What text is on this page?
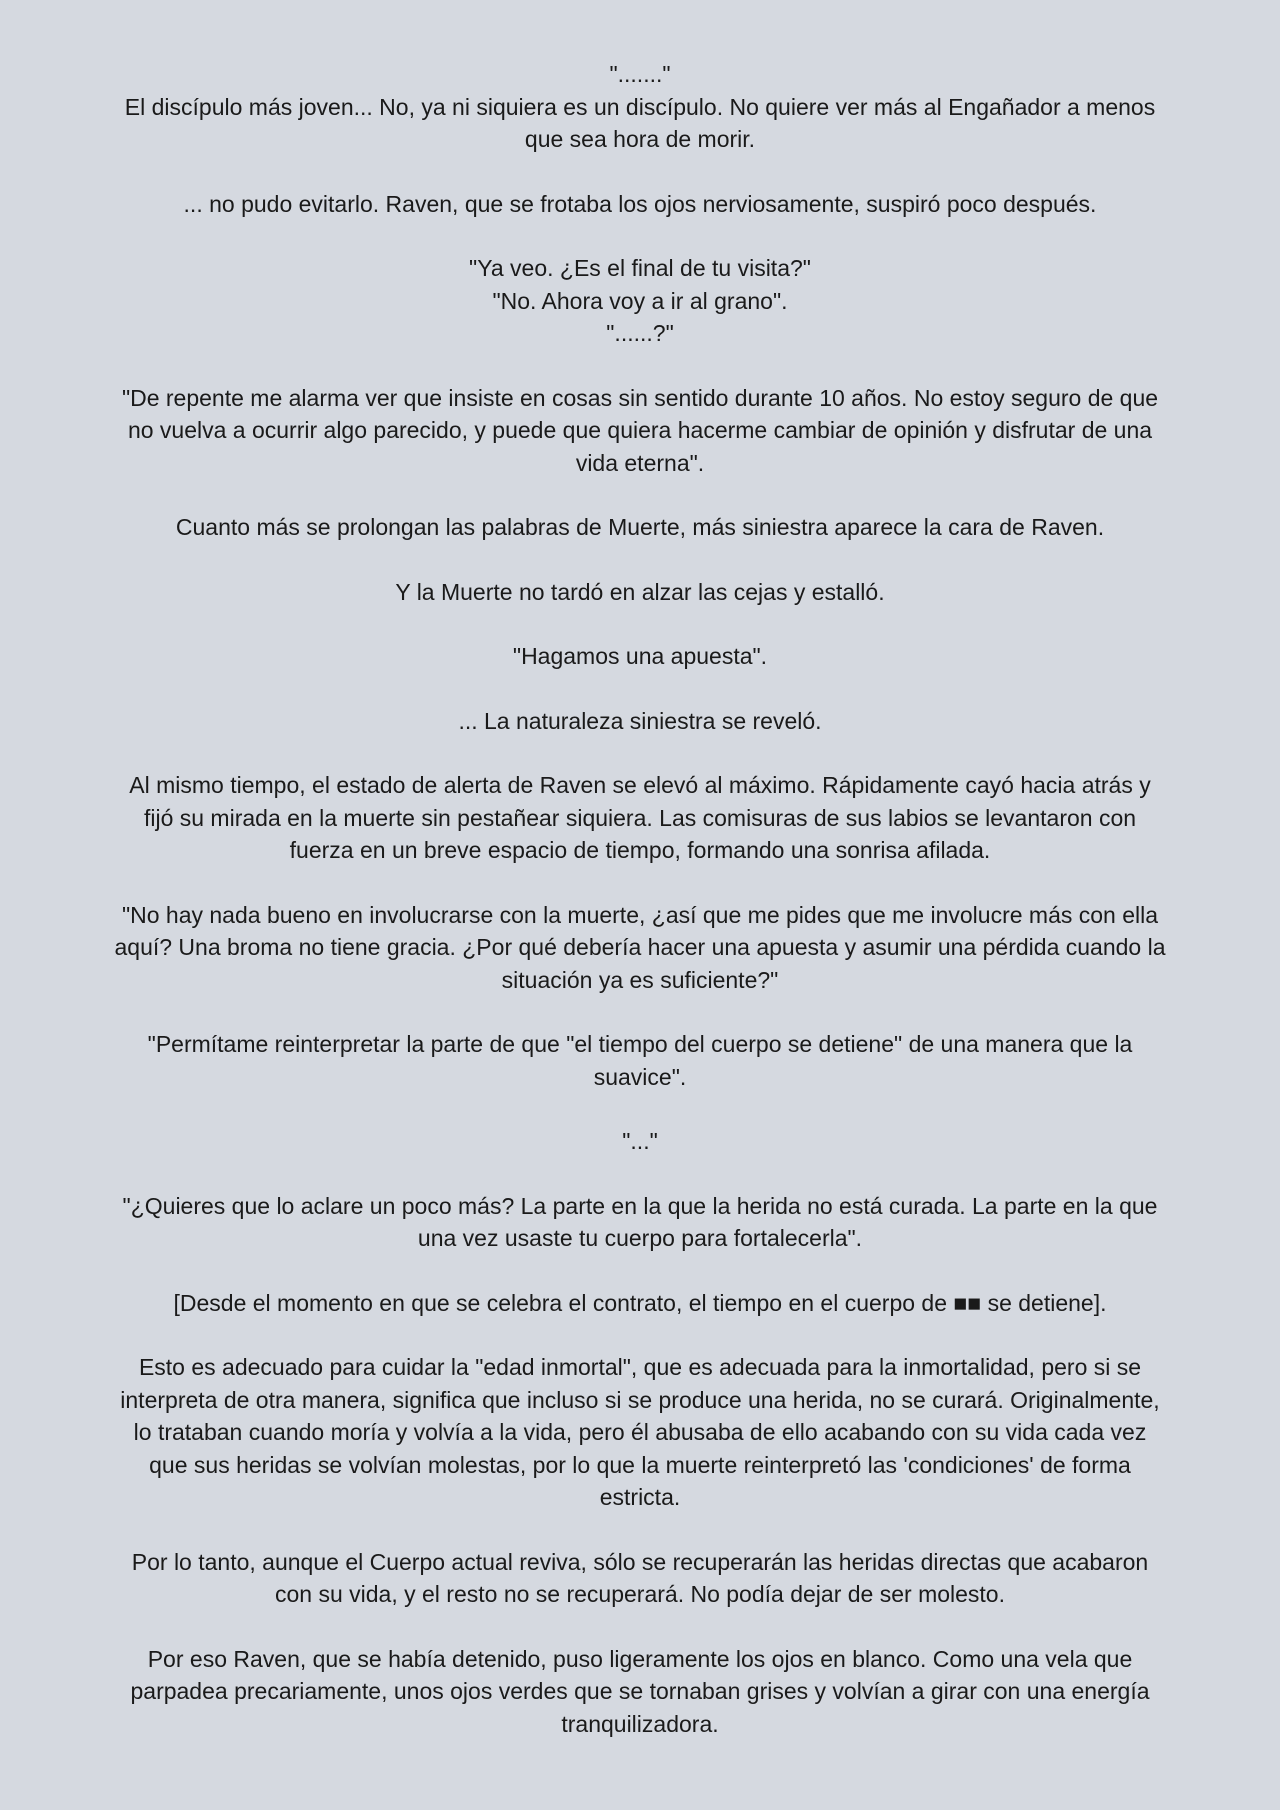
"......."
El discípulo más joven... No, ya ni siquiera es un discípulo. No quiere ver más al Engañador a menos
que sea hora de morir.

... no pudo evitarlo. Raven, que se frotaba los ojos nerviosamente, suspiró poco después.

"Ya veo. ¿Es el final de tu visita?"
"No. Ahora voy a ir al grano".
"......?"

"De repente me alarma ver que insiste en cosas sin sentido durante 10 años. No estoy seguro de que
no vuelva a ocurrir algo parecido, y puede que quiera hacerme cambiar de opinión y disfrutar de una
vida eterna".

Cuanto más se prolongan las palabras de Muerte, más siniestra aparece la cara de Raven.

Y la Muerte no tardó en alzar las cejas y estalló.

"Hagamos una apuesta".

... La naturaleza siniestra se reveló.

Al mismo tiempo, el estado de alerta de Raven se elevó al máximo. Rápidamente cayó hacia atrás y
fijó su mirada en la muerte sin pestañear siquiera. Las comisuras de sus labios se levantaron con
fuerza en un breve espacio de tiempo, formando una sonrisa afilada.

"No hay nada bueno en involucrarse con la muerte, ¿así que me pides que me involucre más con ella
aquí? Una broma no tiene gracia. ¿Por qué debería hacer una apuesta y asumir una pérdida cuando la
situación ya es suficiente?"

"Permítame reinterpretar la parte de que "el tiempo del cuerpo se detiene" de una manera que la
suavice".

"..."

"¿Quieres que lo aclare un poco más? La parte en la que la herida no está curada. La parte en la que
una vez usaste tu cuerpo para fortalecerla".

[Desde el momento en que se celebra el contrato, el tiempo en el cuerpo de ■■ se detiene].

Esto es adecuado para cuidar la "edad inmortal", que es adecuada para la inmortalidad, pero si se
interpreta de otra manera, significa que incluso si se produce una herida, no se curará. Originalmente,
lo trataban cuando moría y volvía a la vida, pero él abusaba de ello acabando con su vida cada vez
que sus heridas se volvían molestas, por lo que la muerte reinterpretó las 'condiciones' de forma
estricta.

Por lo tanto, aunque el Cuerpo actual reviva, sólo se recuperarán las heridas directas que acabaron
con su vida, y el resto no se recuperará. No podía dejar de ser molesto.

Por eso Raven, que se había detenido, puso ligeramente los ojos en blanco. Como una vela que
parpadea precariamente, unos ojos verdes que se tornaban grises y volvían a girar con una energía
tranquilizadora.
